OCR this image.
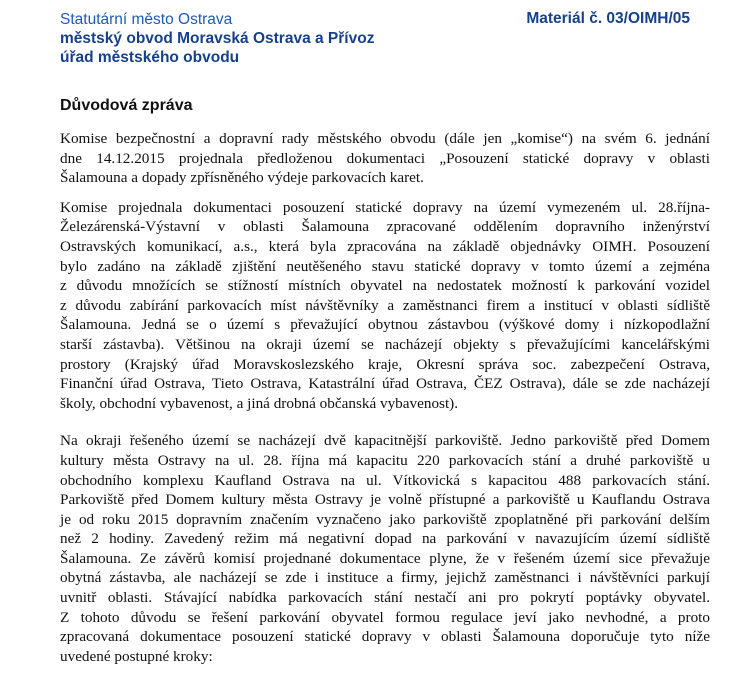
Statutární město Ostrava
městský obvod Moravská Ostrava a Přívoz
úřad městského obvodu
Materiál č. 03/OIMH/05
Důvodová zpráva
Komise bezpečnostní a dopravní rady městského obvodu (dále jen „komise“) na svém 6. jednání
dne 14.12.2015 projednala předloženou dokumentaci „Posouzení statické dopravy v oblasti
Šalamouna a dopady zpřísněného výdeje parkovacích karet.
Komise projednala dokumentaci posouzení statické dopravy na území vymezeném ul. 28.října-
Železárenská-Výstavní v oblasti Šalamouna zpracované oddělením dopravního inženýrství
Ostravských komunikací, a.s., která byla zpracována na základě objednávky OIMH. Posouzení
bylo zadáno na základě zjištění neutěšeného stavu statické dopravy v tomto území a zejména
z důvodu množících se stížností místních obyvatel na nedostatek možností k parkování vozidel
z důvodu zabírání parkovacích míst návštěvníky a zaměstnanci firem a institucí v oblasti sídliště
Šalamouna. Jedná se o území s převažující obytnou zástavbou (výškové domy i nízkopodlažní
starší zástavba). Většinou na okraji území se nacházejí objekty s převažujícími kancelářskými
prostory (Krajský úřad Moravskoslezského kraje, Okresní správa soc. zabezpečení Ostrava,
Finanční úřad Ostrava, Tieto Ostrava, Katastrální úřad Ostrava, ČEZ Ostrava), dále se zde nacházejí
školy, obchodní vybavenost, a jiná drobná občanská vybavenost).
Na okraji řešeného území se nacházejí dvě kapacitnější parkoviště. Jedno parkoviště před Domem
kultury města Ostravy na ul. 28. října má kapacitu 220 parkovacích stání a druhé parkoviště u
obchodního komplexu Kaufland Ostrava na ul. Vítkovická s kapacitou 488 parkovacích stání.
Parkoviště před Domem kultury města Ostravy je volně přístupné a parkoviště u Kauflandu Ostrava
je od roku 2015 dopravním značením vyznačeno jako parkoviště zpoplatněné při parkování delším
než 2 hodiny. Zavedený režim má negativní dopad na parkování v navazujícím území sídliště
Šalamouna. Ze závěrů komisí projednané dokumentace plyne, že v řešeném území sice převažuje
obytná zástavba, ale nacházejí se zde i instituce a firmy, jejichž zaměstnanci i návštěvníci parkují
uvnitř oblasti. Stávající nabídka parkovacích stání nestačí ani pro pokrytí poptávky obyvatel.
Z tohoto důvodu se řešení parkování obyvatel formou regulace jeví jako nevhodné, a proto
zpracovaná dokumentace posouzení statické dopravy v oblasti Šalamouna doporučuje tyto níže
uvedené postupné kroky:
